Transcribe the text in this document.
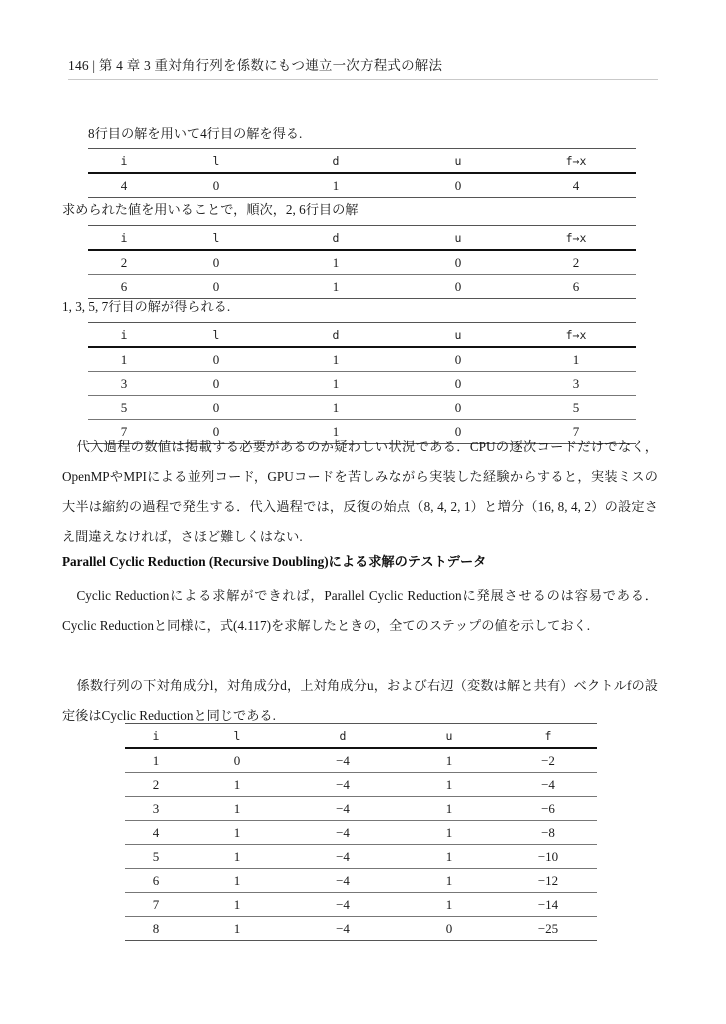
146 | 第 4 章 3 重対角行列を係数にもつ連立一次方程式の解法
8行目の解を用いて4行目の解を得る.
i	l	d	u	f→x
4	0	1	0	4
求められた値を用いることで，順次，2, 6行目の解
i	l	d	u	f→x
2	0	1	0	2
6	0	1	0	6
1, 3, 5, 7行目の解が得られる.
i	l	d	u	f→x
1	0	1	0	1
3	0	1	0	3
5	0	1	0	5
7	0	1	0	7
代入過程の数値は掲載する必要があるのか疑わしい状況である．CPUの逐次コードだけでなく，OpenMPやMPIによる並列コード，GPUコードを苦しみながら実装した経験からすると，実装ミスの大半は縮約の過程で発生する．代入過程では，反復の始点（8, 4, 2, 1）と増分（16, 8, 4, 2）の設定さえ間違えなければ，さほど難しくはない.
Parallel Cyclic Reduction (Recursive Doubling)による求解のテストデータ
Cyclic Reductionによる求解ができれば，Parallel Cyclic Reductionに発展させるのは容易である．Cyclic Reductionと同様に，式(4.117)を求解したときの，全てのステップの値を示しておく.
係数行列の下対角成分l，対角成分d，上対角成分u，および右辺（変数は解と共有）ベクトルfの設定後はCyclic Reductionと同じである.
i	l	d	u	f
1	0	−4	1	−2
2	1	−4	1	−4
3	1	−4	1	−6
4	1	−4	1	−8
5	1	−4	1	−10
6	1	−4	1	−12
7	1	−4	1	−14
8	1	−4	0	−25
